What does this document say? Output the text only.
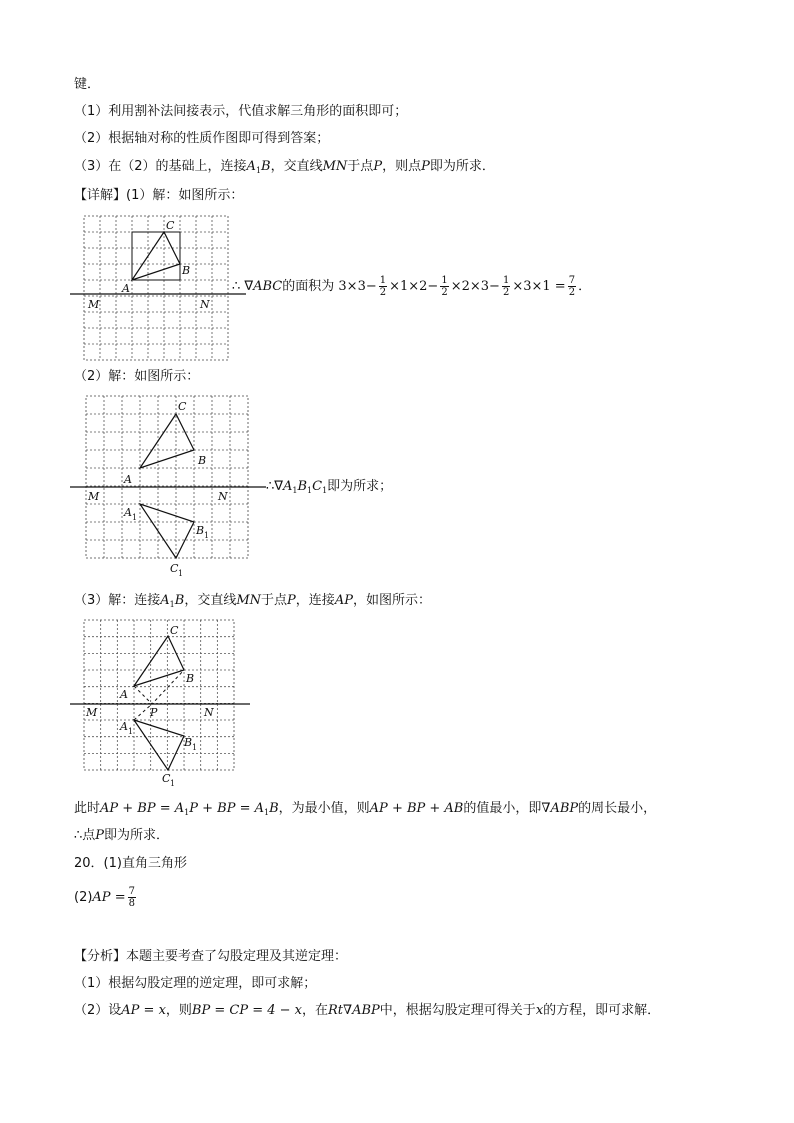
键．
（1）利用割补法间接表示，代值求解三角形的面积即可；
（2）根据轴对称的性质作图即可得到答案；
（3）在（2）的基础上，连接$A_1B$，交直线MN于点P，则点P即为所求．
【详解】(1）解：如图所示：
A
B
C
M	N
∴ ∇ABC的面积为 $3\times 3- \frac{1}{2} \times 1\times 2- \frac{1}{2} \times 2\times 3- \frac{1}{2} \times 3\times 1 = \frac{7}{2}$ ．
（2）解：如图所示：
A
B
C
M	N
A 1
B 1
C 1
$\therefore\nabla A_1B_1C_1$即为所求；
（3）解：连接$A_1B$，交直线MN于点P，连接AP，如图所示：
A
B
C
M	N
P
A 1
B 1
C 1
此时AP + BP = $A_1P$ + BP = $A_1B$，为最小值，则AP + BP + AB的值最小，即∇ABP的周长最小，
∴点P即为所求．
20．(1)直角三角形
$(2)AP = \frac{7}{8}$
【分析】本题主要考查了勾股定理及其逆定理：
（1）根据勾股定理的逆定理，即可求解；
（2）设AP = x，则BP = CP = 4 − x，在Rt∇ABP中，根据勾股定理可得关于x的方程，即可求解．
